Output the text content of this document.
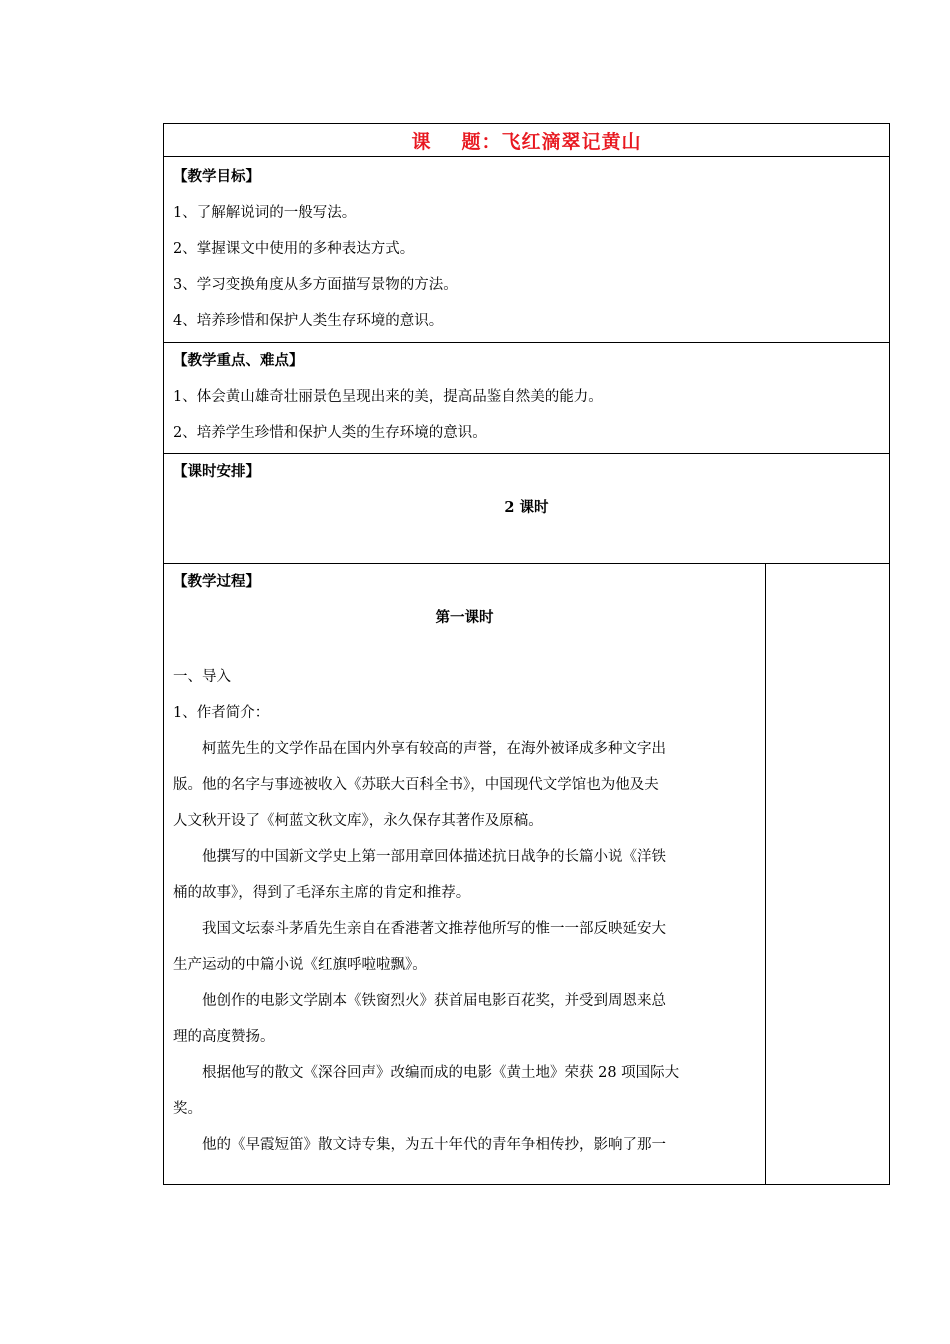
课 题：飞红滴翠记黄山
【教学目标】
1、了解解说词的一般写法。
2、掌握课文中使用的多种表达方式。
3、学习变换角度从多方面描写景物的方法。
4、培养珍惜和保护人类生存环境的意识。
【教学重点、难点】
1、体会黄山雄奇壮丽景色呈现出来的美，提高品鉴自然美的能力。
2、培养学生珍惜和保护人类的生存环境的意识。
【课时安排】
2 课时
【教学过程】
第一课时
一、导入
1、作者简介：
　　柯蓝先生的文学作品在国内外享有较高的声誉，在海外被译成多种文字出
版。他的名字与事迹被收入《苏联大百科全书》，中国现代文学馆也为他及夫
人文秋开设了《柯蓝文秋文库》，永久保存其著作及原稿。
　　他撰写的中国新文学史上第一部用章回体描述抗日战争的长篇小说《洋铁
桶的故事》，得到了毛泽东主席的肯定和推荐。
　　我国文坛泰斗茅盾先生亲自在香港著文推荐他所写的惟一一部反映延安大
生产运动的中篇小说《红旗呼啦啦飘》。
　　他创作的电影文学剧本《铁窗烈火》获首届电影百花奖，并受到周恩来总
理的高度赞扬。
　　根据他写的散文《深谷回声》改编而成的电影《黄土地》荣获 28 项国际大
奖。
　　他的《早霞短笛》散文诗专集，为五十年代的青年争相传抄，影响了那一
